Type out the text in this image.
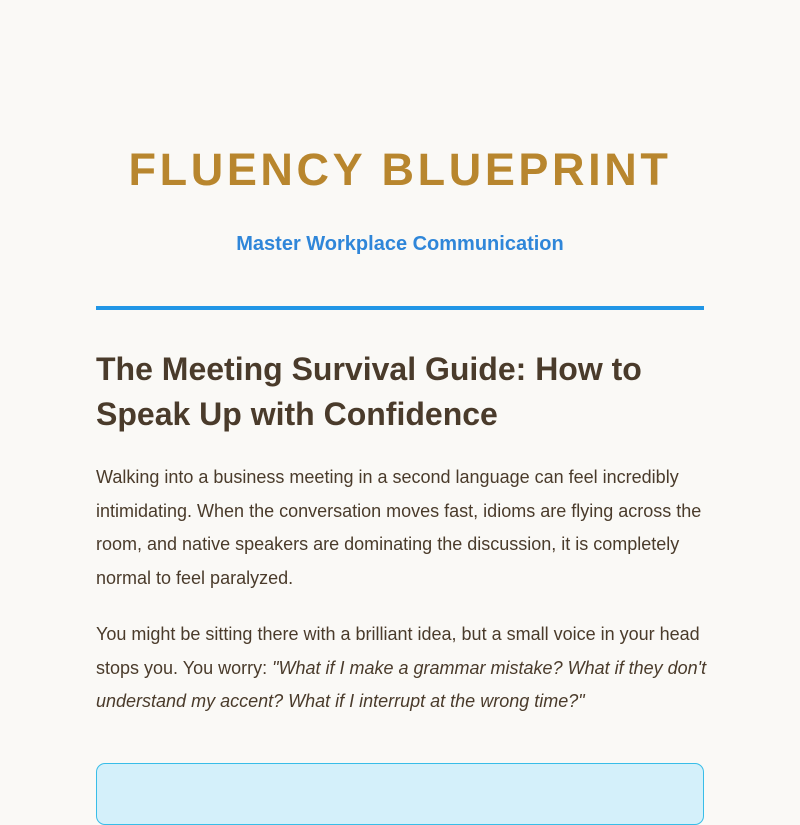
FLUENCY BLUEPRINT

Master Workplace Communication

The Meeting Survival Guide: How to Speak Up with Confidence

Walking into a business meeting in a second language can feel incredibly intimidating. When the conversation moves fast, idioms are flying across the room, and native speakers are dominating the discussion, it is completely normal to feel paralyzed.

You might be sitting there with a brilliant idea, but a small voice in your head stops you. You worry: "What if I make a grammar mistake? What if they don't understand my accent? What if I interrupt at the wrong time?"
